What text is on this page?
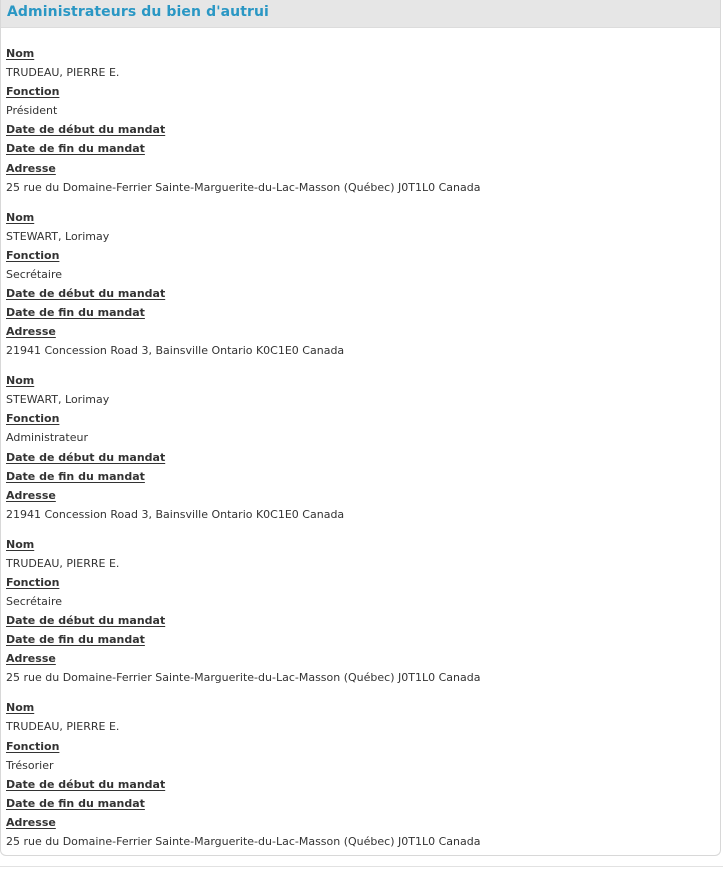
Administrateurs du bien d'autrui
Nom
TRUDEAU, PIERRE E.
Fonction
Président
Date de début du mandat
Date de fin du mandat
Adresse
25 rue du Domaine-Ferrier Sainte-Marguerite-du-Lac-Masson (Québec) J0T1L0 Canada
Nom
STEWART, Lorimay
Fonction
Secrétaire
Date de début du mandat
Date de fin du mandat
Adresse
21941 Concession Road 3, Bainsville Ontario K0C1E0 Canada
Nom
STEWART, Lorimay
Fonction
Administrateur
Date de début du mandat
Date de fin du mandat
Adresse
21941 Concession Road 3, Bainsville Ontario K0C1E0 Canada
Nom
TRUDEAU, PIERRE E.
Fonction
Secrétaire
Date de début du mandat
Date de fin du mandat
Adresse
25 rue du Domaine-Ferrier Sainte-Marguerite-du-Lac-Masson (Québec) J0T1L0 Canada
Nom
TRUDEAU, PIERRE E.
Fonction
Trésorier
Date de début du mandat
Date de fin du mandat
Adresse
25 rue du Domaine-Ferrier Sainte-Marguerite-du-Lac-Masson (Québec) J0T1L0 Canada
